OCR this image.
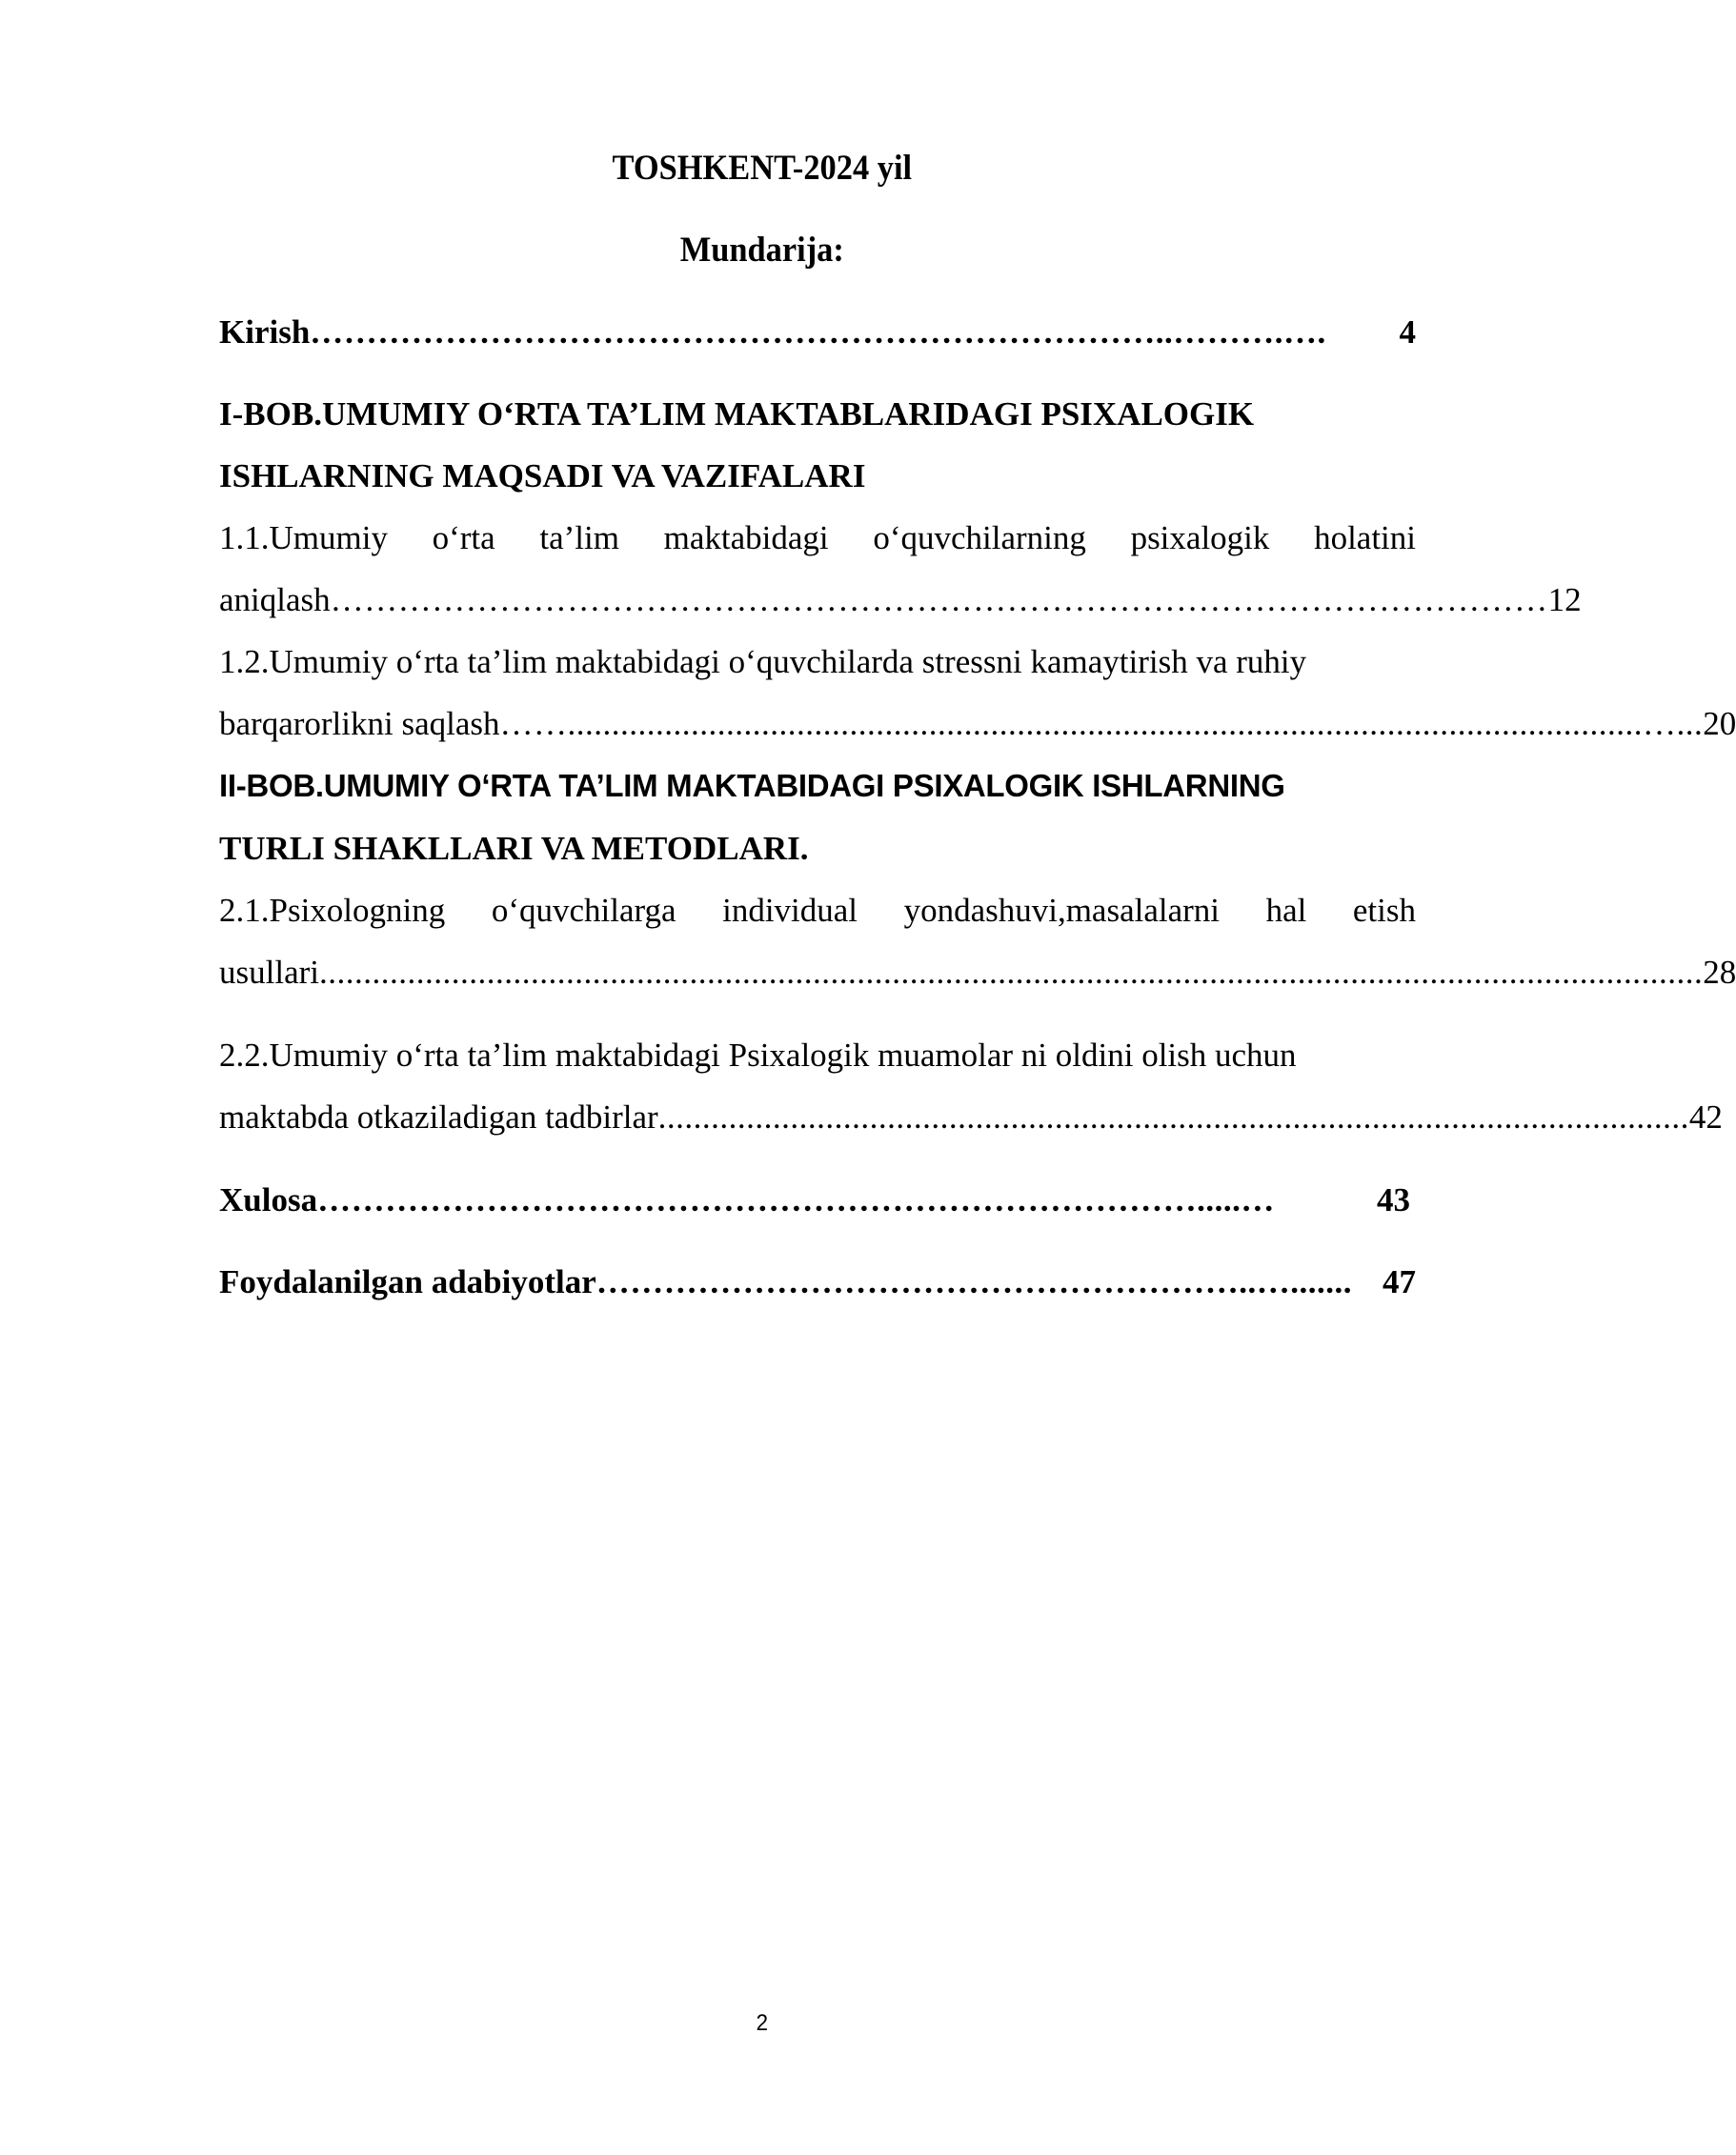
TOSHKENT-2024 yil
Mundarija:
Kirish …………………………………………………………………..……….….	4
I-BOB.UMUMIY O‘RTA TA’LIM MAKTABLARIDAGI PSIXALOGIK
ISHLARNING MAQSADI VA VAZIFALARI
1.1.Umumiy o‘rta ta’lim maktabidagi o‘quvchilarning psixalogik holatini
aniqlash ……………………………………………………………………………………………… 12
1.2.Umumiy o‘rta ta’lim maktabidagi o‘quvchilarda stressni kamaytirish va ruhiy
barqarorlikni saqlash ……..........................................................................................................................…... 20
II-BOB.UMUMIY O‘RTA TA’LIM MAKTABIDAGI PSIXALOGIK ISHLARNING
TURLI SHAKLLARI VA METODLARI.
2.1.Psixologning o‘quvchilarga individual yondashuvi,masalalarni hal etish
usullari ............................................................................................................................................................. 28
2.2.Umumiy o‘rta ta’lim maktabidagi Psixalogik muamolar ni oldini olish uchun
maktabda otkaziladigan tadbirlar ..................................................................................................................... 42
Xulosa …………………………………………………………………….....…	43
Foydalanilgan adabiyotlar …………………………………………………..…....... 47
2
